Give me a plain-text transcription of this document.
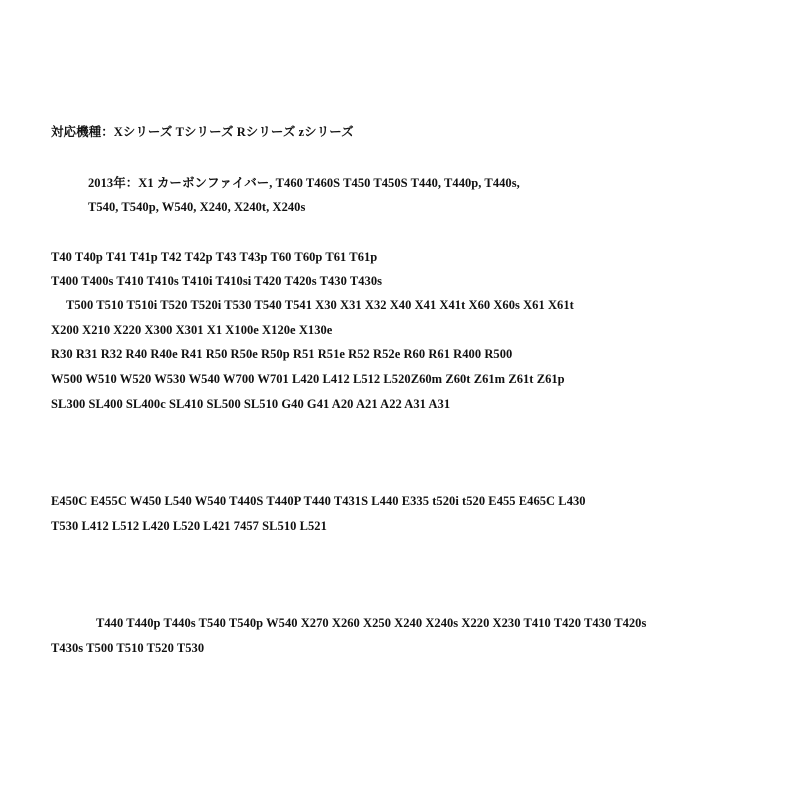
対応機種：Xシリーズ Tシリーズ Rシリーズ zシリーズ
2013年：X1 カーボンファイバー, T460 T460S T450 T450S T440, T440p, T440s,
T540, T540p, W540, X240, X240t, X240s
T40 T40p T41 T41p T42 T42p T43 T43p T60 T60p T61 T61p
T400 T400s T410 T410s T410i T410si T420 T420s T430 T430s
T500 T510 T510i T520 T520i T530 T540 T541 X30 X31 X32 X40 X41 X41t X60 X60s X61 X61t
X200 X210 X220 X300 X301 X1 X100e X120e X130e
R30 R31 R32 R40 R40e R41 R50 R50e R50p R51 R51e R52 R52e R60 R61 R400 R500
W500 W510 W520 W530 W540 W700 W701 L420 L412 L512 L520Z60m Z60t Z61m Z61t Z61p
SL300 SL400 SL400c SL410 SL500 SL510 G40 G41 A20 A21 A22 A31 A31
E450C E455C W450 L540 W540 T440S T440P T440 T431S L440 E335 t520i t520 E455 E465C L430
T530 L412 L512 L420 L520 L421 7457 SL510 L521
T440 T440p T440s T540 T540p W540 X270 X260 X250 X240 X240s X220 X230 T410 T420 T430 T420s
T430s T500 T510 T520 T530
